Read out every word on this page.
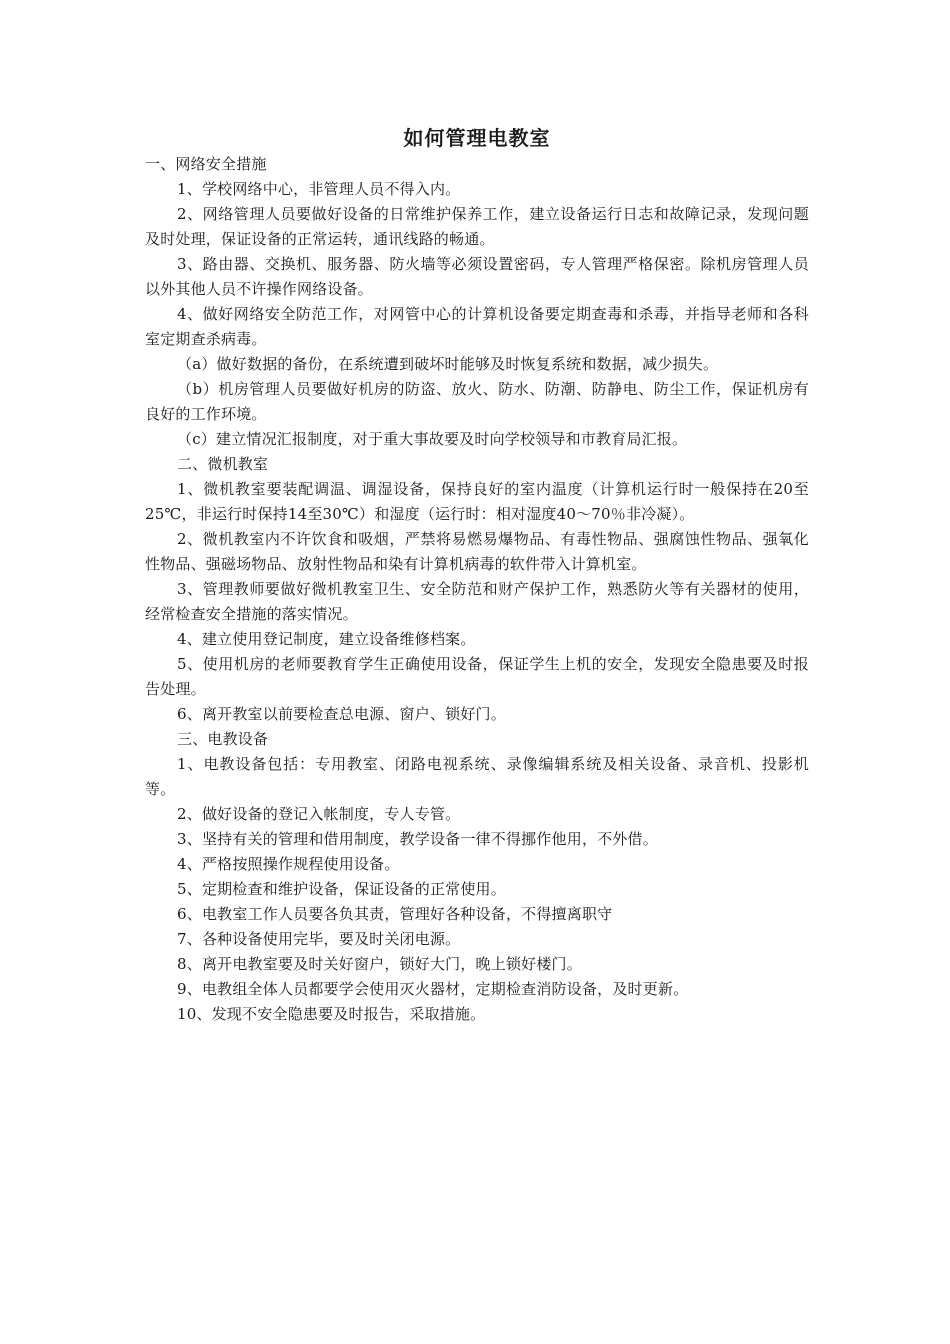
如何管理电教室

一、网络安全措施

1、学校网络中心，非管理人员不得入内。

2、网络管理人员要做好设备的日常维护保养工作，建立设备运行日志和故障记录，发现问题及时处理，保证设备的正常运转，通讯线路的畅通。

3、路由器、交换机、服务器、防火墙等必须设置密码，专人管理严格保密。除机房管理人员以外其他人员不许操作网络设备。

4、做好网络安全防范工作，对网管中心的计算机设备要定期查毒和杀毒，并指导老师和各科室定期查杀病毒。

（a）做好数据的备份，在系统遭到破坏时能够及时恢复系统和数据，减少损失。

（b）机房管理人员要做好机房的防盗、放火、防水、防潮、防静电、防尘工作，保证机房有良好的工作环境。

（c）建立情况汇报制度，对于重大事故要及时向学校领导和市教育局汇报。

二、微机教室

1、微机教室要装配调温、调湿设备，保持良好的室内温度（计算机运行时一般保持在20至25℃，非运行时保持14至30℃）和湿度（运行时：相对湿度40～70％非冷凝）。

2、微机教室内不许饮食和吸烟，严禁将易燃易爆物品、有毒性物品、强腐蚀性物品、强氧化性物品、强磁场物品、放射性物品和染有计算机病毒的软件带入计算机室。

3、管理教师要做好微机教室卫生、安全防范和财产保护工作，熟悉防火等有关器材的使用，经常检查安全措施的落实情况。

4、建立使用登记制度，建立设备维修档案。

5、使用机房的老师要教育学生正确使用设备，保证学生上机的安全，发现安全隐患要及时报告处理。

6、离开教室以前要检查总电源、窗户、锁好门。

三、电教设备

1、电教设备包括：专用教室、闭路电视系统、录像编辑系统及相关设备、录音机、投影机等。

2、做好设备的登记入帐制度，专人专管。

3、坚持有关的管理和借用制度，教学设备一律不得挪作他用，不外借。

4、严格按照操作规程使用设备。

5、定期检查和维护设备，保证设备的正常使用。

6、电教室工作人员要各负其责，管理好各种设备，不得擅离职守

7、各种设备使用完毕，要及时关闭电源。

8、离开电教室要及时关好窗户，锁好大门，晚上锁好楼门。

9、电教组全体人员都要学会使用灭火器材，定期检查消防设备，及时更新。

10、发现不安全隐患要及时报告，采取措施。
